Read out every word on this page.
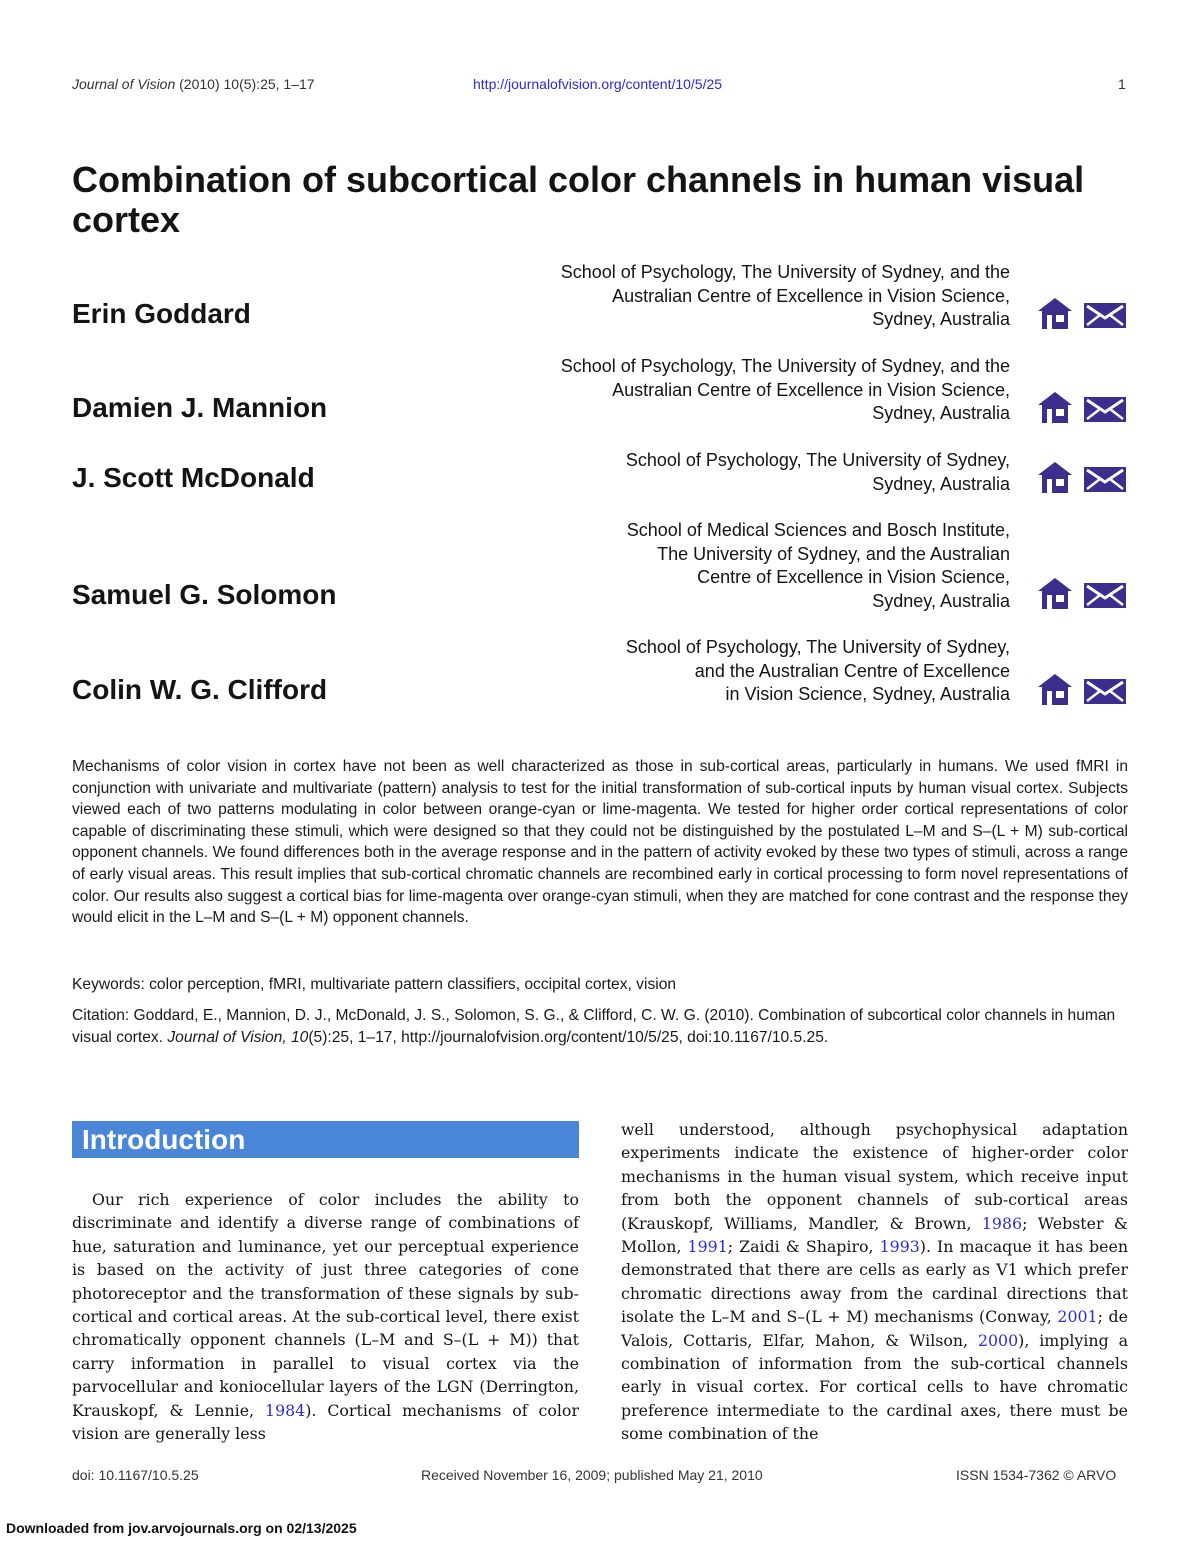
Journal of Vision (2010) 10(5):25, 1–17	http://journalofvision.org/content/10/5/25	1
Combination of subcortical color channels in human visual cortex
Erin Goddard
School of Psychology, The University of Sydney, and the
Australian Centre of Excellence in Vision Science,
Sydney, Australia
Damien J. Mannion
School of Psychology, The University of Sydney, and the
Australian Centre of Excellence in Vision Science,
Sydney, Australia
J. Scott McDonald
School of Psychology, The University of Sydney,
Sydney, Australia
Samuel G. Solomon
School of Medical Sciences and Bosch Institute,
The University of Sydney, and the Australian
Centre of Excellence in Vision Science,
Sydney, Australia
Colin W. G. Clifford
School of Psychology, The University of Sydney,
and the Australian Centre of Excellence
in Vision Science, Sydney, Australia
Mechanisms of color vision in cortex have not been as well characterized as those in sub-cortical areas, particularly in humans. We used fMRI in conjunction with univariate and multivariate (pattern) analysis to test for the initial transformation of sub-cortical inputs by human visual cortex. Subjects viewed each of two patterns modulating in color between orange-cyan or lime-magenta. We tested for higher order cortical representations of color capable of discriminating these stimuli, which were designed so that they could not be distinguished by the postulated L–M and S–(L + M) sub-cortical opponent channels. We found differences both in the average response and in the pattern of activity evoked by these two types of stimuli, across a range of early visual areas. This result implies that sub-cortical chromatic channels are recombined early in cortical processing to form novel representations of color. Our results also suggest a cortical bias for lime-magenta over orange-cyan stimuli, when they are matched for cone contrast and the response they would elicit in the L–M and S–(L + M) opponent channels.
Keywords: color perception, fMRI, multivariate pattern classifiers, occipital cortex, vision
Citation: Goddard, E., Mannion, D. J., McDonald, J. S., Solomon, S. G., & Clifford, C. W. G. (2010). Combination of subcortical color channels in human visual cortex. Journal of Vision, 10(5):25, 1–17, http://journalofvision.org/content/10/5/25, doi:10.1167/10.5.25.
Introduction
Our rich experience of color includes the ability to discriminate and identify a diverse range of combinations of hue, saturation and luminance, yet our perceptual experience is based on the activity of just three categories of cone photoreceptor and the transformation of these signals by sub-cortical and cortical areas. At the sub-cortical level, there exist chromatically opponent channels (L–M and S–(L + M)) that carry information in parallel to visual cortex via the parvocellular and koniocellular layers of the LGN (Derrington, Krauskopf, & Lennie, 1984). Cortical mechanisms of color vision are generally less
well understood, although psychophysical adaptation experiments indicate the existence of higher-order color mechanisms in the human visual system, which receive input from both the opponent channels of sub-cortical areas (Krauskopf, Williams, Mandler, & Brown, 1986; Webster & Mollon, 1991; Zaidi & Shapiro, 1993). In macaque it has been demonstrated that there are cells as early as V1 which prefer chromatic directions away from the cardinal directions that isolate the L–M and S–(L + M) mechanisms (Conway, 2001; de Valois, Cottaris, Elfar, Mahon, & Wilson, 2000), implying a combination of information from the sub-cortical channels early in visual cortex. For cortical cells to have chromatic preference intermediate to the cardinal axes, there must be some combination of the
doi: 10.1167/10.5.25	Received November 16, 2009; published May 21, 2010	ISSN 1534-7362 © ARVO
Downloaded from jov.arvojournals.org on 02/13/2025
